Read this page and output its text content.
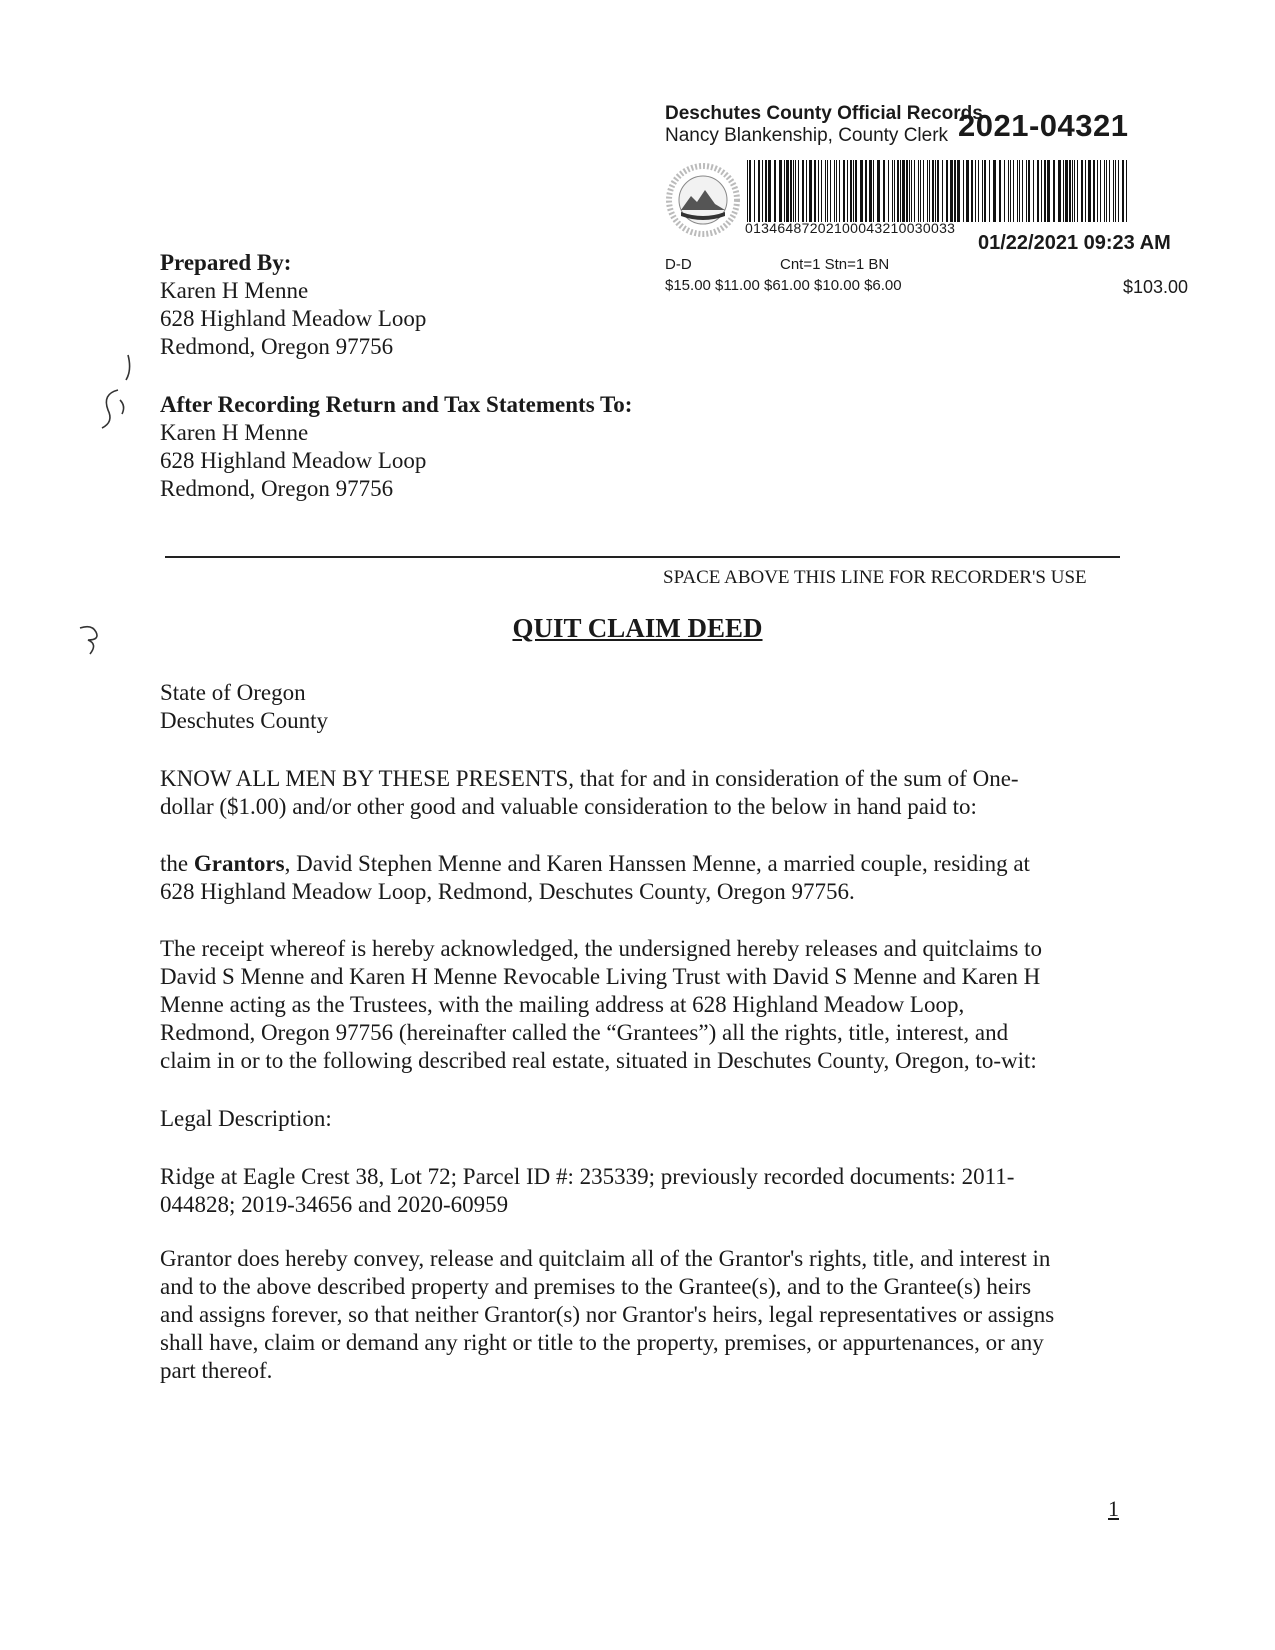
Deschutes County Official Records
Nancy Blankenship, County Clerk 2021-04321
01346487202100043210030033
01/22/2021 09:23 AM
D-D	Cnt=1 Stn=1 BN
$15.00 $11.00 $61.00 $10.00 $6.00	$103.00
Prepared By:
Karen H Menne
628 Highland Meadow Loop
Redmond, Oregon 97756
After Recording Return and Tax Statements To:
Karen H Menne
628 Highland Meadow Loop
Redmond, Oregon 97756
SPACE ABOVE THIS LINE FOR RECORDER'S USE
QUIT CLAIM DEED
State of Oregon
Deschutes County
KNOW ALL MEN BY THESE PRESENTS, that for and in consideration of the sum of One-
dollar ($1.00) and/or other good and valuable consideration to the below in hand paid to:
the Grantors, David Stephen Menne and Karen Hanssen Menne, a married couple, residing at
628 Highland Meadow Loop, Redmond, Deschutes County, Oregon 97756.
The receipt whereof is hereby acknowledged, the undersigned hereby releases and quitclaims to
David S Menne and Karen H Menne Revocable Living Trust with David S Menne and Karen H
Menne acting as the Trustees, with the mailing address at 628 Highland Meadow Loop,
Redmond, Oregon 97756 (hereinafter called the “Grantees”) all the rights, title, interest, and
claim in or to the following described real estate, situated in Deschutes County, Oregon, to-wit:
Legal Description:
Ridge at Eagle Crest 38, Lot 72; Parcel ID #: 235339; previously recorded documents: 2011-
044828; 2019-34656 and 2020-60959
Grantor does hereby convey, release and quitclaim all of the Grantor's rights, title, and interest in
and to the above described property and premises to the Grantee(s), and to the Grantee(s) heirs
and assigns forever, so that neither Grantor(s) nor Grantor's heirs, legal representatives or assigns
shall have, claim or demand any right or title to the property, premises, or appurtenances, or any
part thereof.
1
